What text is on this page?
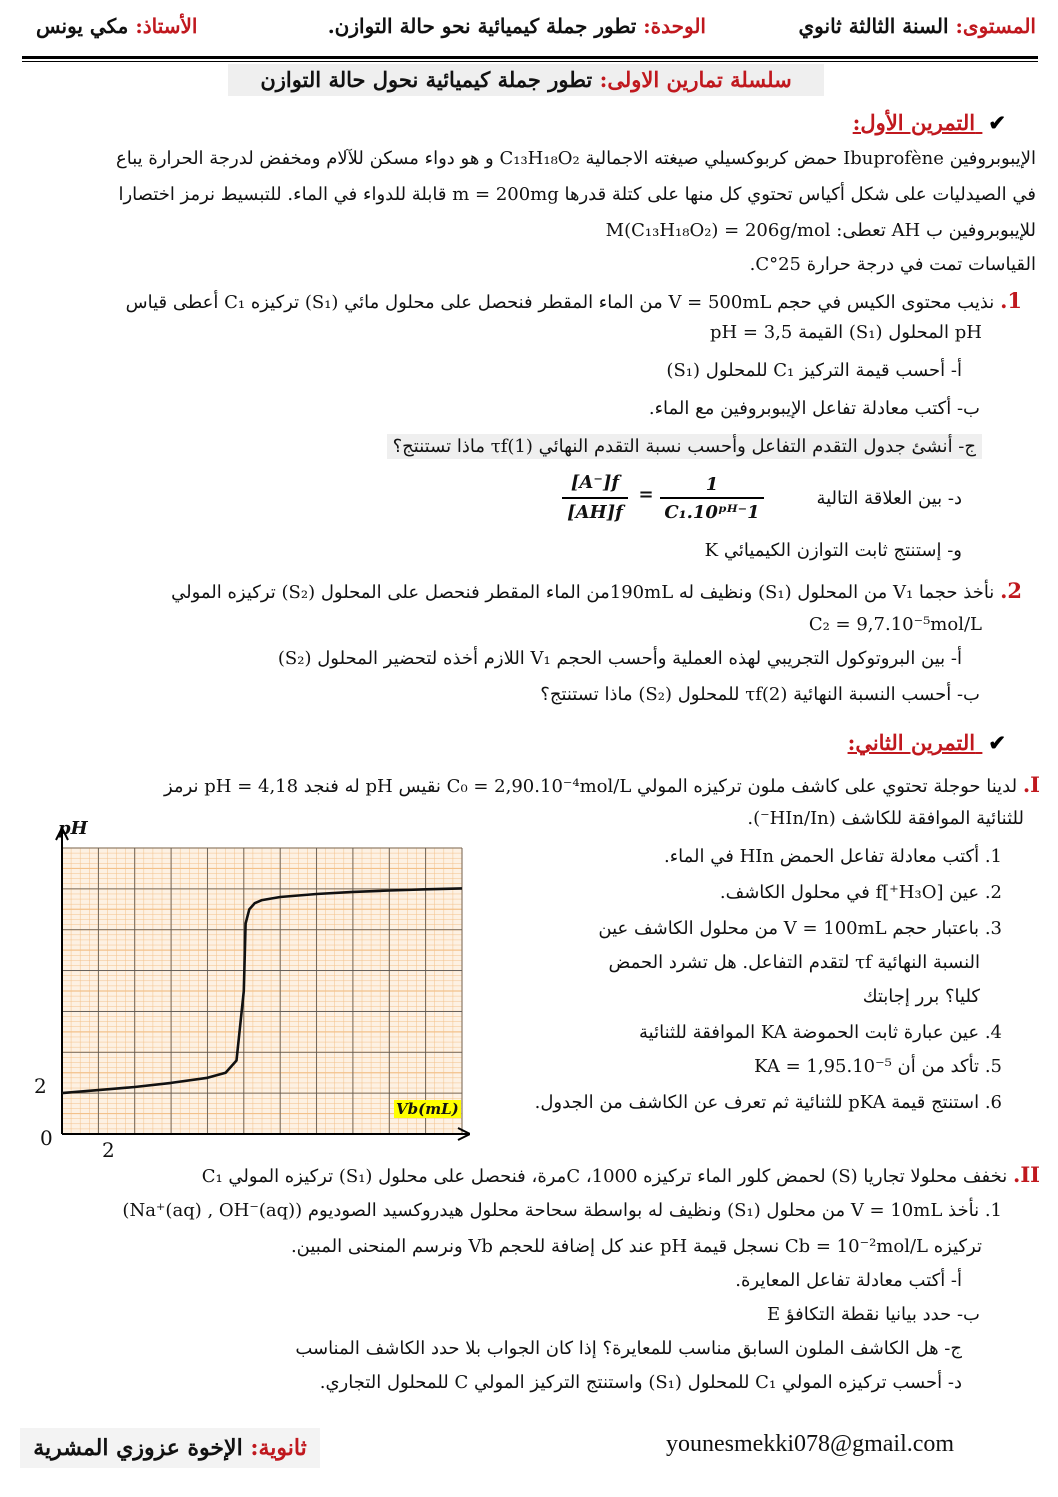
المستوى: السنة الثالثة ثانوي
الوحدة: تطور جملة كيميائية نحو حالة التوازن.
الأستاذ: مكي يونس
سلسلة تمارين الاولى: تطور جملة كيميائية نحول حالة التوازن
✔ التمرين الأول:
الإيبوبروفين Ibuprofène حمض كربوكسيلي صيغته الاجمالية C₁₃H₁₈O₂ و هو دواء مسكن للآلام ومخفض لدرجة الحرارة يباع
في الصيدليات على شكل أكياس تحتوي كل منها على كتلة قدرها m = 200mg قابلة للدواء في الماء. للتبسيط نرمز اختصارا
للإيبوبروفين ب AH تعطى: M(C₁₃H₁₈O₂) = 206g/mol
القياسات تمت في درجة حرارة 25°C.
1. نذيب محتوى الكيس في حجم V = 500mL من الماء المقطر فنحصل على محلول مائي (S₁) تركيزه C₁ أعطى قياس
pH المحلول (S₁) القيمة pH = 3,5
أ- أحسب قيمة التركيز C₁ للمحلول (S₁)
ب- أكتب معادلة تفاعل الإيبوبروفين مع الماء.
ج- أنشئ جدول التقدم التفاعل وأحسب نسبة التقدم النهائي τf(1) ماذا تستنتج؟
د- بين العلاقة التالية
[A⁻]f
[AH]f
=	1
C₁.10ᵖᴴ⁻1
و- إستنتج ثابت التوازن الكيميائي K
2. نأخذ حجما V₁ من المحلول (S₁) ونظيف له 190mLمن الماء المقطر فنحصل على المحلول (S₂) تركيزه المولي
C₂ = 9,7.10⁻⁵mol/L
أ- بين البروتوكول التجريبي لهذه العملية وأحسب الحجم V₁ اللازم أخذه لتحضير المحلول (S₂)
ب- أحسب النسبة النهائية τf(2) للمحلول (S₂) ماذا تستنتج؟
✔ التمرين الثاني:
I. لدينا حوجلة تحتوي على كاشف ملون تركيزه المولي C₀ = 2,90.10⁻⁴mol/L نقيس pH له فنجد pH = 4,18 نرمز
للثنائية الموافقة للكاشف (HIn/In⁻).
1. أكتب معادلة تفاعل الحمض HIn في الماء.
2. عين [H₃O⁺]f في محلول الكاشف.
3. باعتبار حجم V = 100mL من محلول الكاشف عين
النسبة النهائية τf لتقدم التفاعل. هل تشرد الحمض
كليا؟ برر إجابتك
4. عين عبارة ثابت الحموضة KA الموافقة للثنائية
5. تأكد من أن KA = 1,95.10⁻⁵
6. استنتج قيمة pKA للثنائية ثم تعرف عن الكاشف من الجدول.
pH
2
0 2
Vb(mL)
II. نخفف محلولا تجاريا (S) لحمض كلور الماء تركيزه C ،1000مرة، فنحصل على محلول (S₁) تركيزه المولي C₁
1. نأخذ V = 10mL من محلول (S₁) ونظيف له بواسطة سحاحة محلول هيدروكسيد الصوديوم (Na⁺(aq) , OH⁻(aq))
تركيزه Cb = 10⁻²mol/L نسجل قيمة pH عند كل إضافة للحجم Vb ونرسم المنحنى المبين.
أ- أكتب معادلة تفاعل المعايرة.
ب- حدد بيانيا نقطة التكافؤ E
ج- هل الكاشف الملون السابق مناسب للمعايرة؟ إذا كان الجواب بلا حدد الكاشف المناسب
د- أحسب تركيزه المولي C₁ للمحلول (S₁) واستنتج التركيز المولي C للمحلول التجاري.
younesmekki078@gmail.com
ثانوية: الإخوة عزوزي المشرية
